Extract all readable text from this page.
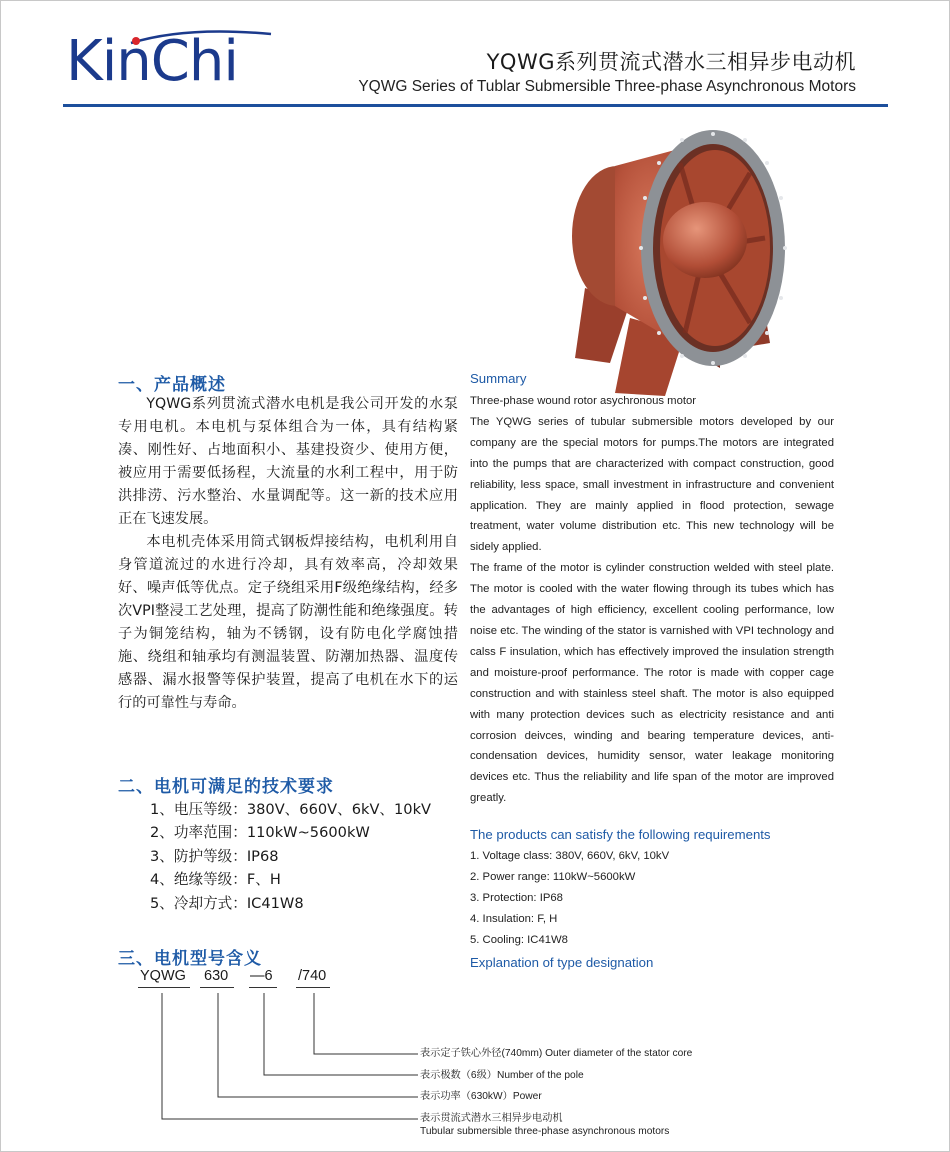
KinChi	YQWG系列贯流式潜水三相异步电动机
YQWG Series of Tublar Submersible Three-phase Asynchronous Motors
一、产品概述

YQWG系列贯流式潜水电机是我公司开发的水泵专用电机。本电机与泵体组合为一体，具有结构紧凑、刚性好、占地面积小、基建投资少、使用方便，被应用于需要低扬程，大流量的水利工程中，用于防洪排涝、污水整治、水量调配等。这一新的技术应用正在飞速发展。

本电机壳体采用筒式钢板焊接结构，电机利用自身管道流过的水进行冷却，具有效率高，冷却效果好、噪声低等优点。定子绕组采用F级绝缘结构，经多次VPI整浸工艺处理，提高了防潮性能和绝缘强度。转子为铜笼结构，轴为不锈钢，设有防电化学腐蚀措施、绕组和轴承均有测温装置、防潮加热器、温度传感器、漏水报警等保护装置，提高了电机在水下的运行的可靠性与寿命。

二、电机可满足的技术要求
1、电压等级：380V、660V、6kV、10kV
2、功率范围：110kW~5600kW
3、防护等级：IP68
4、绝缘等级：F、H
5、冷却方式：IC41W8
三、电机型号含义
YQWG 630 —6 /740
表示定子铁心外径(740mm) Outer diameter of the stator core
表示极数（6级）Number of the pole
表示功率（630kW）Power
表示贯流式潜水三相异步电动机
Tubular submersible three-phase asynchronous motors
Summary

Three-phase wound rotor asychronous motor

The YQWG series of tubular submersible motors developed by our company are the special motors for pumps.The motors are integrated into the pumps that are characterized with compact construction, good reliability, less space, small investment in infrastructure and convenient application. They are mainly applied in flood protection, sewage treatment, water volume distribution etc. This new technology will be sidely applied.

The frame of the motor is cylinder construction welded with steel plate. The motor is cooled with the water flowing through its tubes which has the advantages of high efficiency, excellent cooling performance, low noise etc. The winding of the stator is varnished with VPI technology and calss F insulation, which has effectively improved the insulation strength and moisture-proof performance. The rotor is made with copper cage construction and with stainless steel shaft. The motor is also equipped with many protection devices such as electricity resistance and anti corrosion deivces, winding and bearing temperature devices, anti-condensation devices, humidity sensor, water leakage monitoring devices etc. Thus the reliability and life span of the motor are improved greatly.

The products can satisfy the following requirements
1. Voltage class: 380V, 660V, 6kV, 10kV
2. Power range: 110kW~5600kW
3. Protection: IP68
4. Insulation: F, H
5. Cooling: IC41W8
Explanation of type designation
